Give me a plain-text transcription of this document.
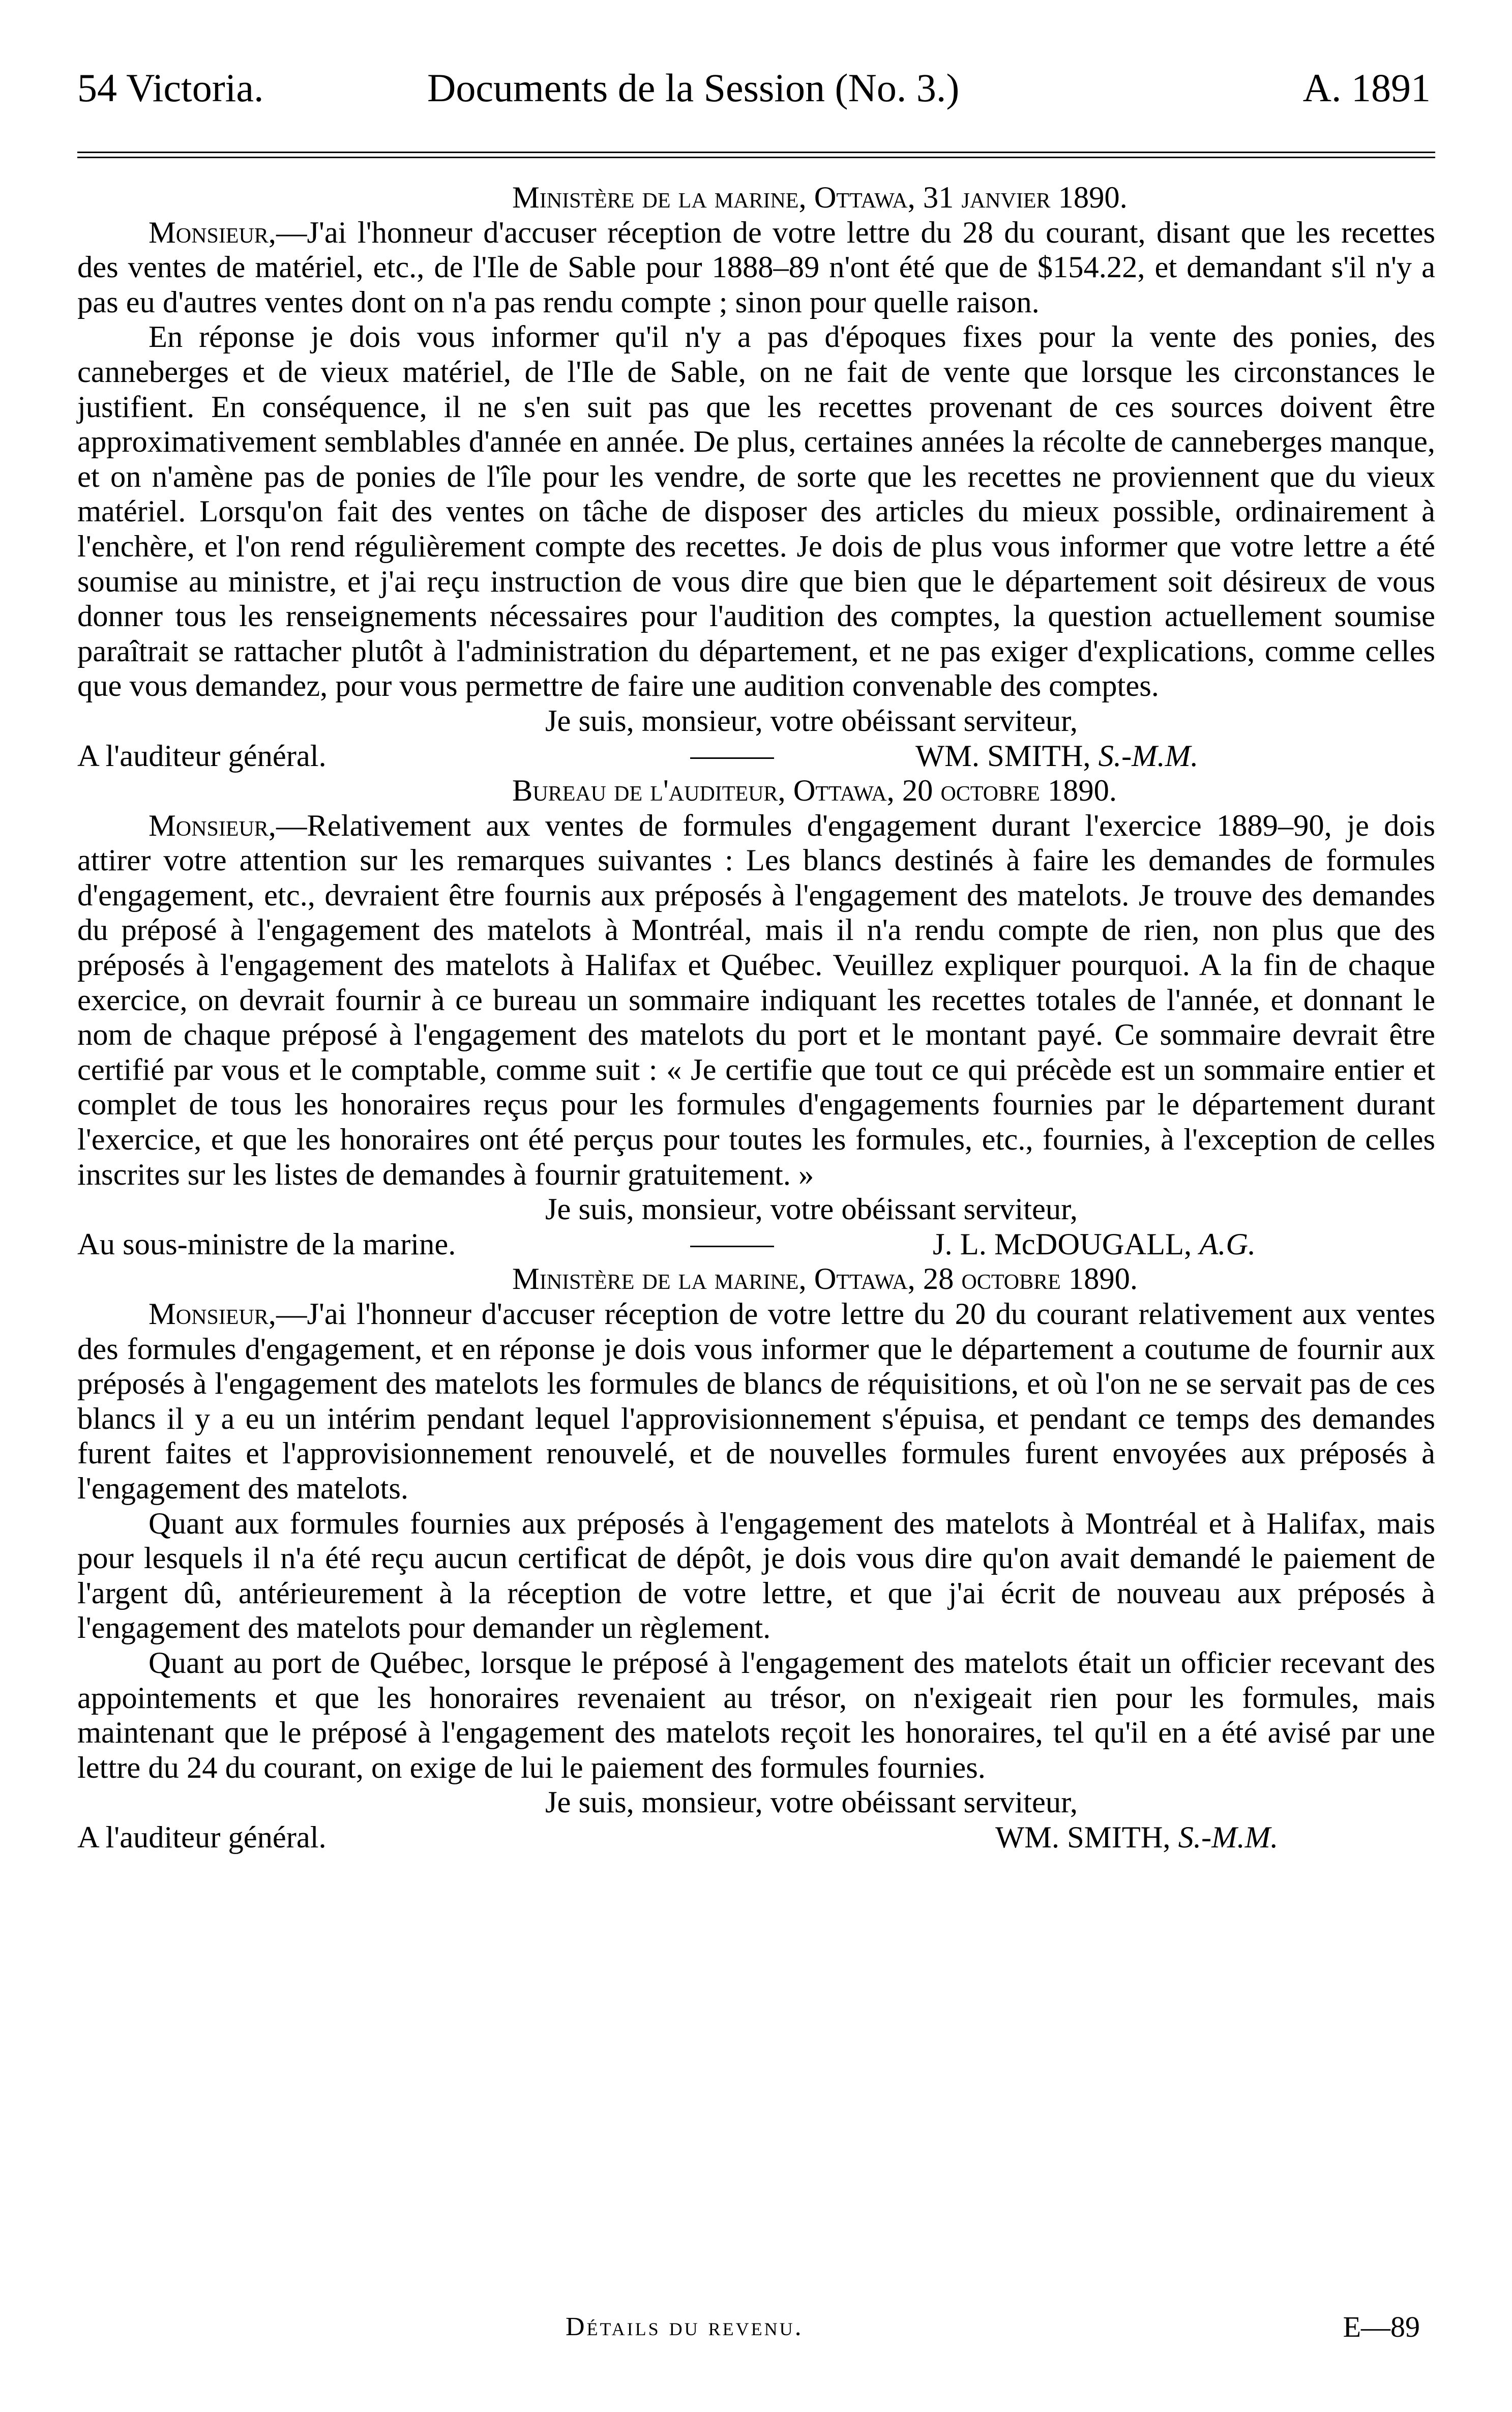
54 Victoria.	Documents de la Session (No. 3.)	A. 1891

Ministère de la marine, Ottawa, 31 janvier 1890.

Monsieur,—J'ai l'honneur d'accuser réception de votre lettre du 28 du courant, disant que les recettes des ventes de matériel, etc., de l'Ile de Sable pour 1888–89 n'ont été que de $154.22, et demandant s'il n'y a pas eu d'autres ventes dont on n'a pas rendu compte ; sinon pour quelle raison.

En réponse je dois vous informer qu'il n'y a pas d'époques fixes pour la vente des ponies, des canneberges et de vieux matériel, de l'Ile de Sable, on ne fait de vente que lorsque les circonstances le justifient. En conséquence, il ne s'en suit pas que les recettes provenant de ces sources doivent être approximativement semblables d'année en année. De plus, certaines années la récolte de canneberges manque, et on n'amène pas de ponies de l'île pour les vendre, de sorte que les recettes ne proviennent que du vieux matériel. Lorsqu'on fait des ventes on tâche de disposer des articles du mieux possible, ordinairement à l'enchère, et l'on rend régulièrement compte des recettes. Je dois de plus vous informer que votre lettre a été soumise au ministre, et j'ai reçu instruction de vous dire que bien que le département soit désireux de vous donner tous les renseignements nécessaires pour l'audition des comptes, la question actuellement soumise paraîtrait se rattacher plutôt à l'administration du département, et ne pas exiger d'explications, comme celles que vous demandez, pour vous permettre de faire une audition convenable des comptes.

Je suis, monsieur, votre obéissant serviteur,

A l'auditeur général.	WM. SMITH, S.-M.M.

Bureau de l'auditeur, Ottawa, 20 octobre 1890.

Monsieur,—Relativement aux ventes de formules d'engagement durant l'exercice 1889–90, je dois attirer votre attention sur les remarques suivantes : Les blancs destinés à faire les demandes de formules d'engagement, etc., devraient être fournis aux préposés à l'engagement des matelots. Je trouve des demandes du préposé à l'engagement des matelots à Montréal, mais il n'a rendu compte de rien, non plus que des préposés à l'engagement des matelots à Halifax et Québec. Veuillez expliquer pourquoi. A la fin de chaque exercice, on devrait fournir à ce bureau un sommaire indiquant les recettes totales de l'année, et donnant le nom de chaque préposé à l'engagement des matelots du port et le montant payé. Ce sommaire devrait être certifié par vous et le comptable, comme suit : « Je certifie que tout ce qui précède est un sommaire entier et complet de tous les honoraires reçus pour les formules d'engagements fournies par le département durant l'exercice, et que les honoraires ont été perçus pour toutes les formules, etc., fournies, à l'exception de celles inscrites sur les listes de demandes à fournir gratuitement. »

Je suis, monsieur, votre obéissant serviteur,

Au sous-ministre de la marine.	J. L. McDOUGALL, A.G.

Ministère de la marine, Ottawa, 28 octobre 1890.

Monsieur,—J'ai l'honneur d'accuser réception de votre lettre du 20 du courant relativement aux ventes des formules d'engagement, et en réponse je dois vous informer que le département a coutume de fournir aux préposés à l'engagement des matelots les formules de blancs de réquisitions, et où l'on ne se servait pas de ces blancs il y a eu un intérim pendant lequel l'approvisionnement s'épuisa, et pendant ce temps des demandes furent faites et l'approvisionnement renouvelé, et de nouvelles formules furent envoyées aux préposés à l'engagement des matelots.

Quant aux formules fournies aux préposés à l'engagement des matelots à Montréal et à Halifax, mais pour lesquels il n'a été reçu aucun certificat de dépôt, je dois vous dire qu'on avait demandé le paiement de l'argent dû, antérieurement à la réception de votre lettre, et que j'ai écrit de nouveau aux préposés à l'engagement des matelots pour demander un règlement.

Quant au port de Québec, lorsque le préposé à l'engagement des matelots était un officier recevant des appointements et que les honoraires revenaient au trésor, on n'exigeait rien pour les formules, mais maintenant que le préposé à l'engagement des matelots reçoit les honoraires, tel qu'il en a été avisé par une lettre du 24 du courant, on exige de lui le paiement des formules fournies.

Je suis, monsieur, votre obéissant serviteur,

A l'auditeur général.	WM. SMITH, S.-M.M.
Détails du revenu.	E—89
